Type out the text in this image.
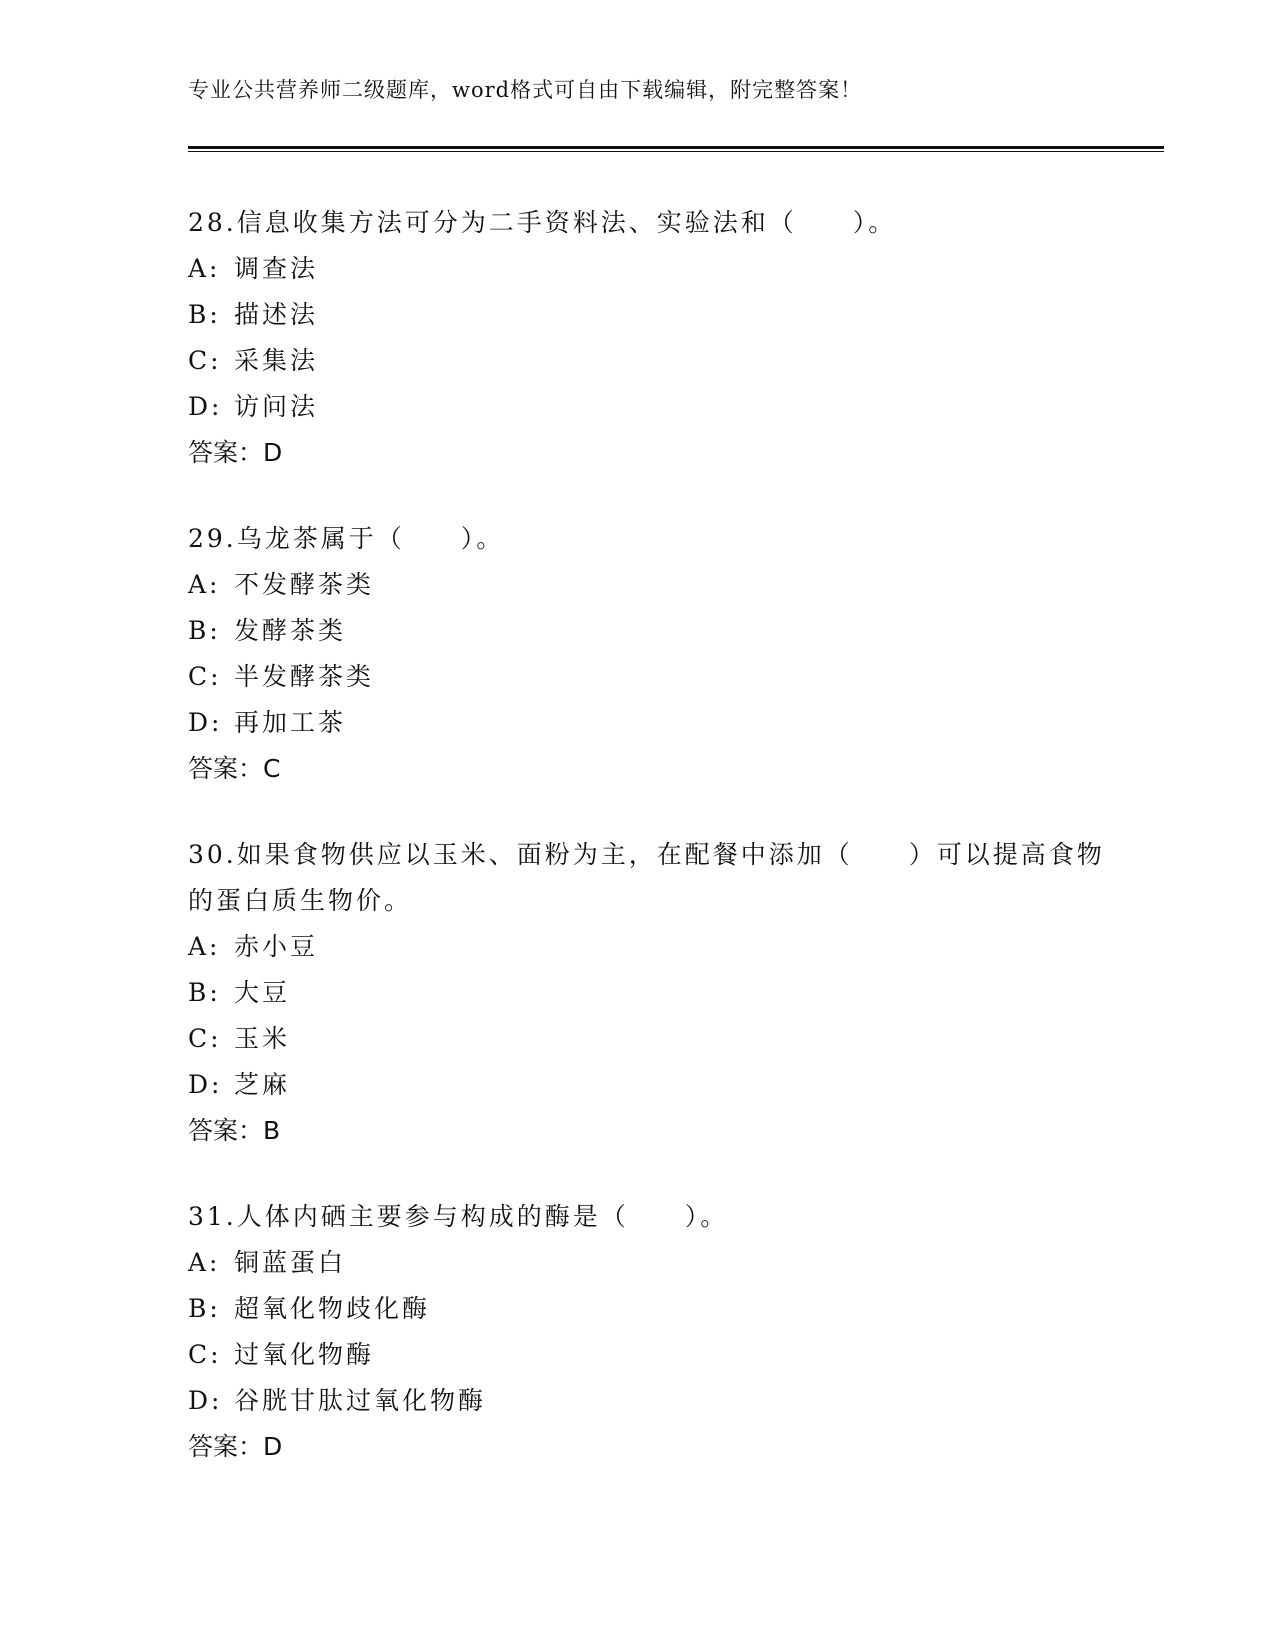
专业公共营养师二级题库，word格式可自由下载编辑，附完整答案！
28.信息收集方法可分为二手资料法、实验法和（　　）。
A: 调查法
B: 描述法
C: 采集法
D: 访问法
答案：D
29.乌龙茶属于（　　）。
A: 不发酵茶类
B: 发酵茶类
C: 半发酵茶类
D: 再加工茶
答案：C
30.如果食物供应以玉米、面粉为主，在配餐中添加（　　）可以提高食物的蛋白质生物价。
A: 赤小豆
B: 大豆
C: 玉米
D: 芝麻
答案：B
31.人体内硒主要参与构成的酶是（　　）。
A: 铜蓝蛋白
B: 超氧化物歧化酶
C: 过氧化物酶
D: 谷胱甘肽过氧化物酶
答案：D
